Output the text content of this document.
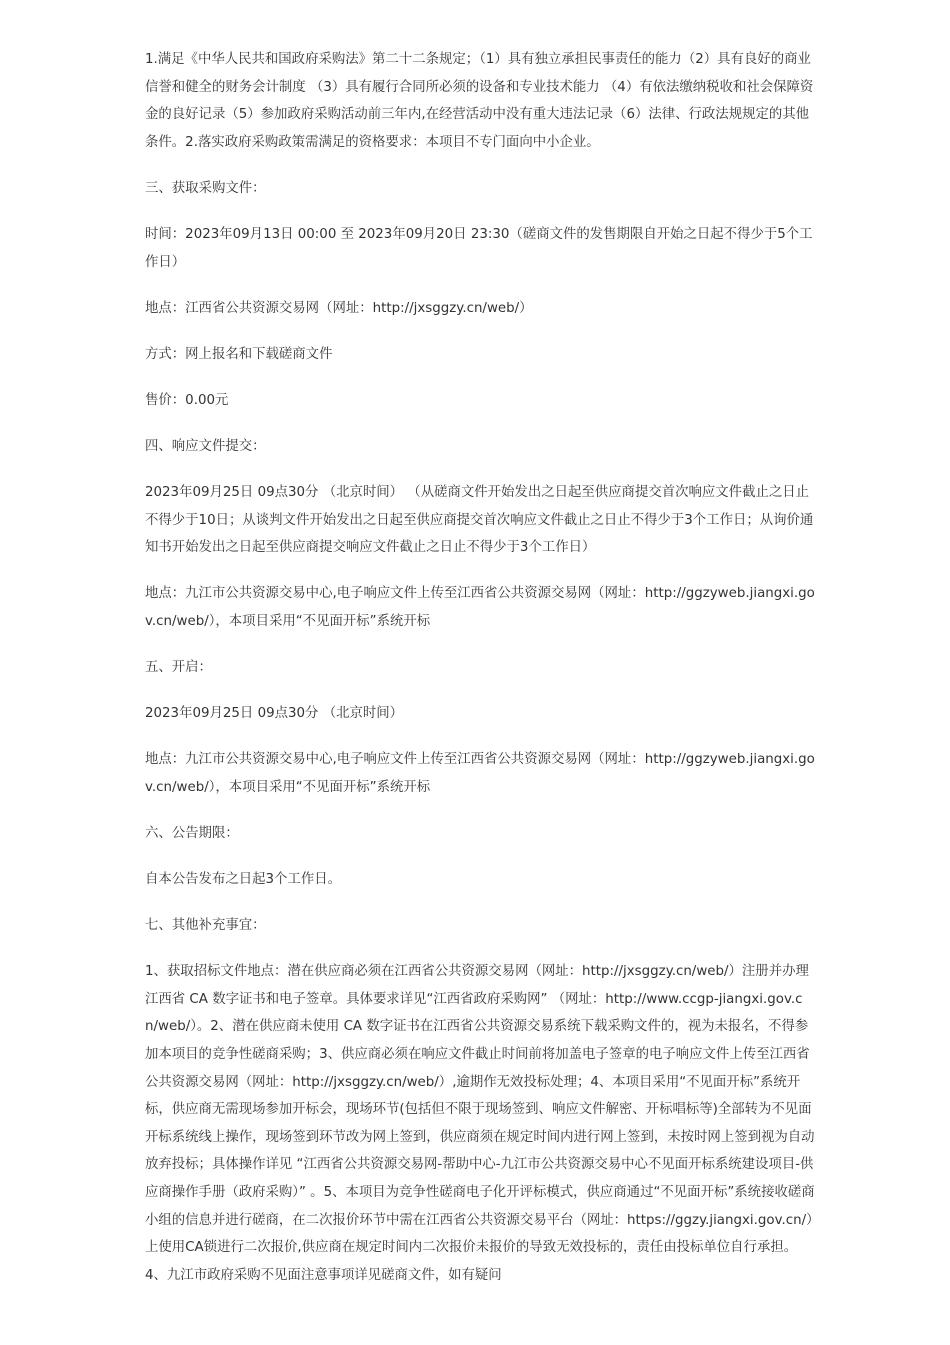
1.满足《中华人民共和国政府采购法》第二十二条规定；（1）具有独立承担民事责任的能力（2）具有良好的商业信誉和健全的财务会计制度 （3）具有履行合同所必须的设备和专业技术能力 （4）有依法缴纳税收和社会保障资金的良好记录（5）参加政府采购活动前三年内,在经营活动中没有重大违法记录（6）法律、行政法规规定的其他条件。2.落实政府采购政策需满足的资格要求：本项目不专门面向中小企业。

三、获取采购文件：

时间：2023年09月13日 00:00 至 2023年09月20日 23:30（磋商文件的发售期限自开始之日起不得少于5个工作日）

地点：江西省公共资源交易网（网址：http://jxsggzy.cn/web/）

方式：网上报名和下载磋商文件

售价：0.00元

四、响应文件提交：

2023年09月25日 09点30分 （北京时间） （从磋商文件开始发出之日起至供应商提交首次响应文件截止之日止不得少于10日；从谈判文件开始发出之日起至供应商提交首次响应文件截止之日止不得少于3个工作日；从询价通知书开始发出之日起至供应商提交响应文件截止之日止不得少于3个工作日）

地点：九江市公共资源交易中心,电子响应文件上传至江西省公共资源交易网（网址：http://ggzyweb.jiangxi.gov.cn/web/），本项目采用“不见面开标”系统开标

五、开启：

2023年09月25日 09点30分 （北京时间）

地点：九江市公共资源交易中心,电子响应文件上传至江西省公共资源交易网（网址：http://ggzyweb.jiangxi.gov.cn/web/），本项目采用“不见面开标”系统开标

六、公告期限：

自本公告发布之日起3个工作日。

七、其他补充事宜：

1、获取招标文件地点：潜在供应商必须在江西省公共资源交易网（网址：http://jxsggzy.cn/web/）注册并办理江西省 CA 数字证书和电子签章。具体要求详见“江西省政府采购网” （网址：http://www.ccgp-jiangxi.gov.cn/web/）。2、潜在供应商未使用 CA 数字证书在江西省公共资源交易系统下载采购文件的，视为未报名，不得参加本项目的竞争性磋商采购；3、供应商必须在响应文件截止时间前将加盖电子签章的电子响应文件上传至江西省公共资源交易网（网址：http://jxsggzy.cn/web/）,逾期作无效投标处理；4、本项目采用“不见面开标”系统开标，供应商无需现场参加开标会，现场环节(包括但不限于现场签到、响应文件解密、开标唱标等)全部转为不见面开标系统线上操作，现场签到环节改为网上签到，供应商须在规定时间内进行网上签到，未按时网上签到视为自动放弃投标；具体操作详见 “江西省公共资源交易网-帮助中心-九江市公共资源交易中心不见面开标系统建设项目-供应商操作手册（政府采购）” 。5、本项目为竞争性磋商电子化开评标模式，供应商通过“不见面开标”系统接收磋商小组的信息并进行磋商，在二次报价环节中需在江西省公共资源交易平台（网址：https://ggzy.jiangxi.gov.cn/）上使用CA锁进行二次报价,供应商在规定时间内二次报价未报价的导致无效投标的，责任由投标单位自行承担。4、九江市政府采购不见面注意事项详见磋商文件，如有疑问
